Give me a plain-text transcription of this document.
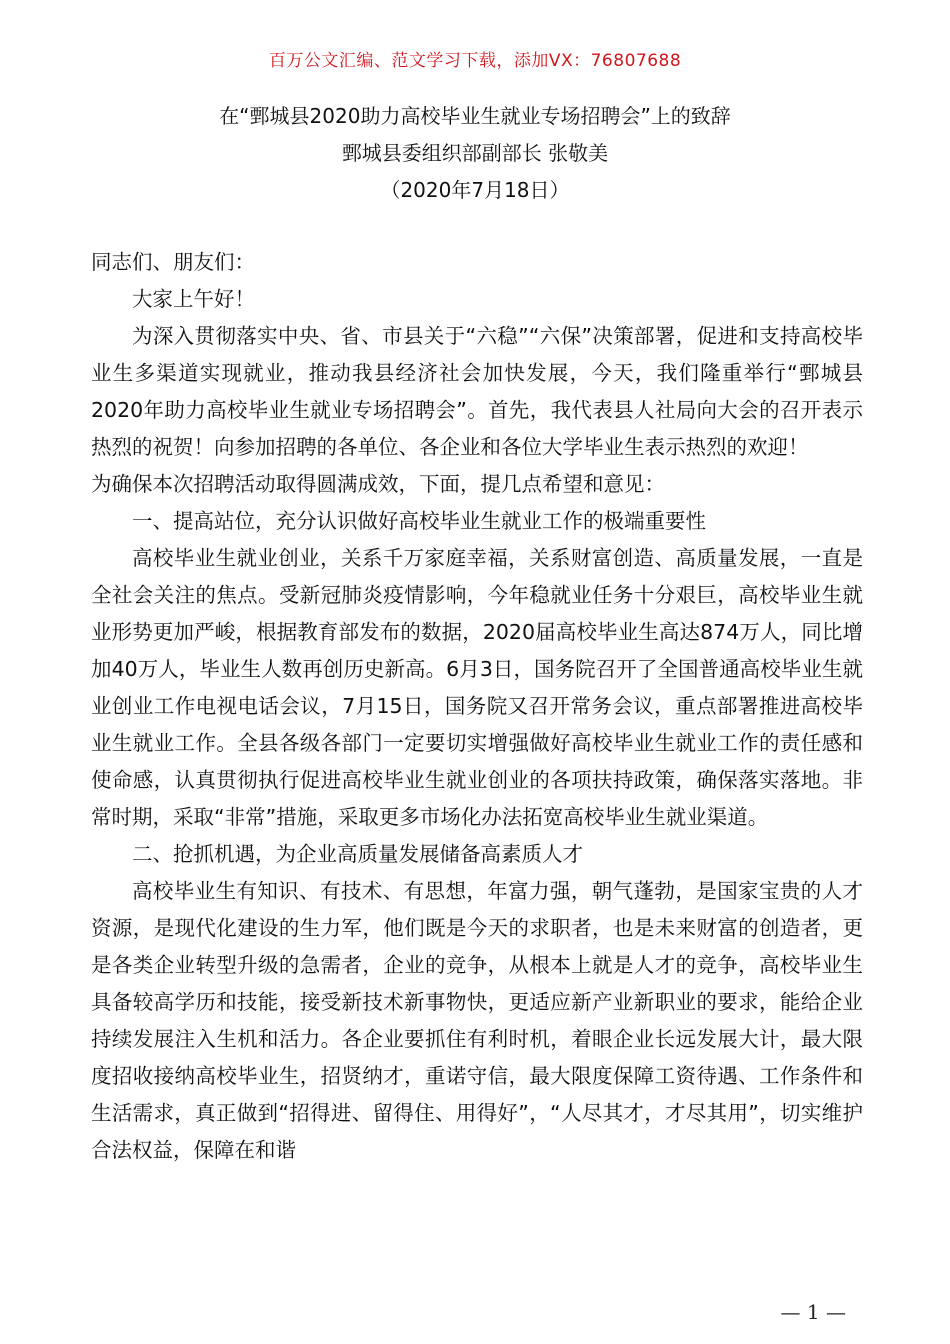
百万公文汇编、范文学习下载，添加VX：76807688
在“鄄城县2020助力高校毕业生就业专场招聘会”上的致辞
鄄城县委组织部副部长 张敬美
（2020年7月18日）

同志们、朋友们：

大家上午好！

为深入贯彻落实中央、省、市县关于“六稳”“六保”决策部署，促进和支持高校毕业生多渠道实现就业，推动我县经济社会加快发展，今天，我们隆重举行“鄄城县2020年助力高校毕业生就业专场招聘会”。首先，我代表县人社局向大会的召开表示热烈的祝贺！向参加招聘的各单位、各企业和各位大学毕业生表示热烈的欢迎！

为确保本次招聘活动取得圆满成效，下面，提几点希望和意见：

一、提高站位，充分认识做好高校毕业生就业工作的极端重要性

高校毕业生就业创业，关系千万家庭幸福，关系财富创造、高质量发展，一直是全社会关注的焦点。受新冠肺炎疫情影响，今年稳就业任务十分艰巨，高校毕业生就业形势更加严峻，根据教育部发布的数据，2020届高校毕业生高达874万人，同比增加40万人，毕业生人数再创历史新高。6月3日，国务院召开了全国普通高校毕业生就业创业工作电视电话会议，7月15日，国务院又召开常务会议，重点部署推进高校毕业生就业工作。全县各级各部门一定要切实增强做好高校毕业生就业工作的责任感和使命感，认真贯彻执行促进高校毕业生就业创业的各项扶持政策，确保落实落地。非常时期，采取“非常”措施，采取更多市场化办法拓宽高校毕业生就业渠道。

二、抢抓机遇，为企业高质量发展储备高素质人才

高校毕业生有知识、有技术、有思想，年富力强，朝气蓬勃，是国家宝贵的人才资源，是现代化建设的生力军，他们既是今天的求职者，也是未来财富的创造者，更是各类企业转型升级的急需者，企业的竞争，从根本上就是人才的竞争，高校毕业生具备较高学历和技能，接受新技术新事物快，更适应新产业新职业的要求，能给企业持续发展注入生机和活力。各企业要抓住有利时机，着眼企业长远发展大计，最大限度招收接纳高校毕业生，招贤纳才，重诺守信，最大限度保障工资待遇、工作条件和生活需求，真正做到“招得进、留得住、用得好”，“人尽其才，才尽其用”，切实维护合法权益，保障在和谐

— 1 —
